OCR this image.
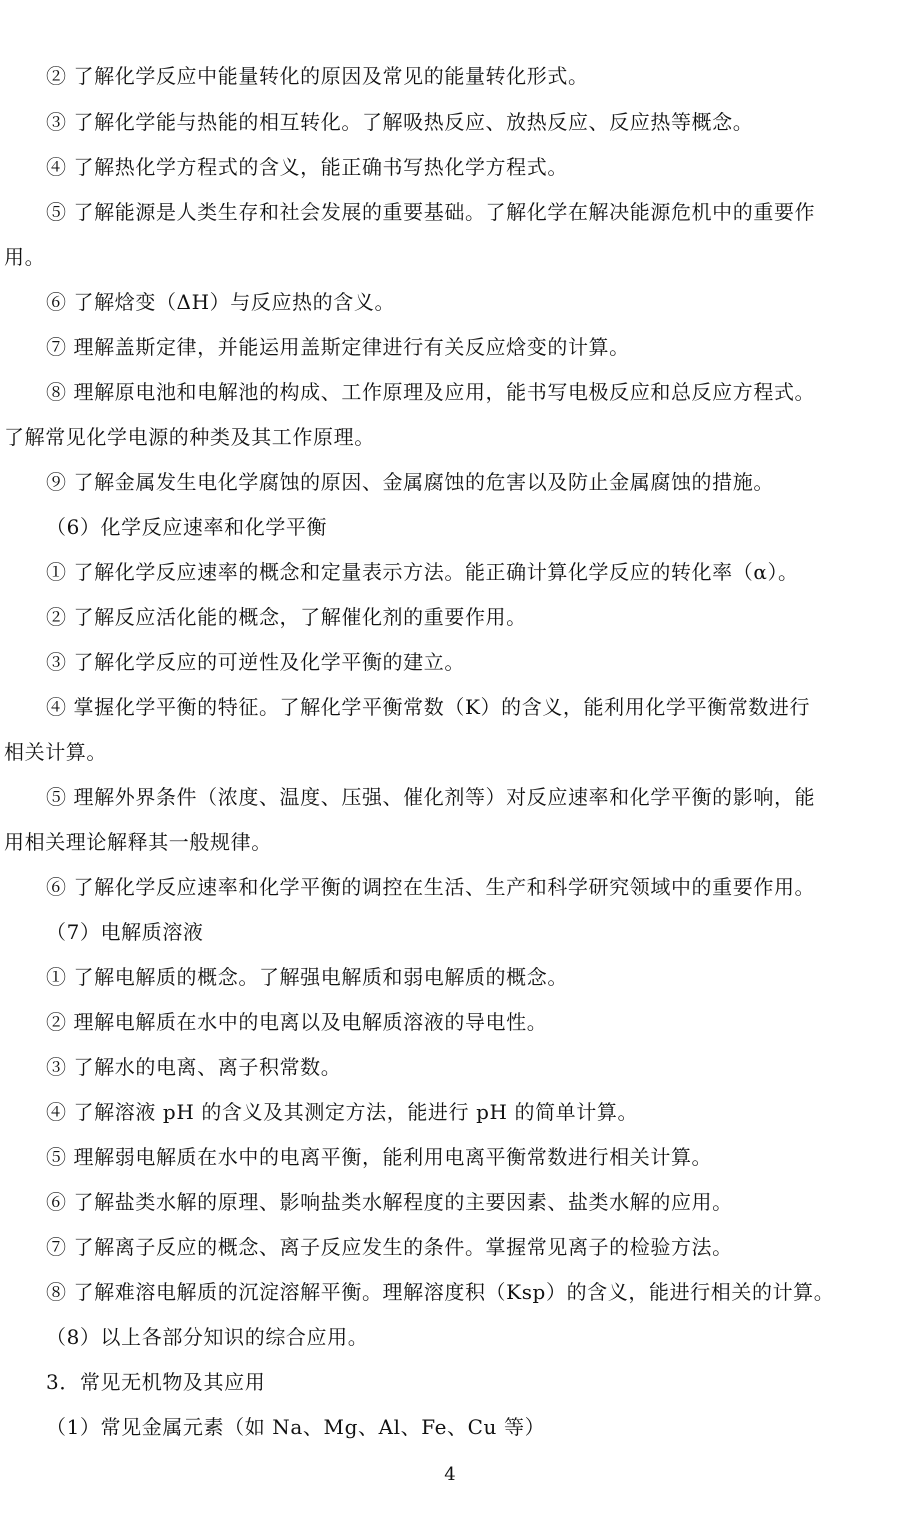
② 了解化学反应中能量转化的原因及常见的能量转化形式。
③ 了解化学能与热能的相互转化。了解吸热反应、放热反应、反应热等概念。
④ 了解热化学方程式的含义，能正确书写热化学方程式。
⑤ 了解能源是人类生存和社会发展的重要基础。了解化学在解决能源危机中的重要作
用。
⑥ 了解焓变（ΔH）与反应热的含义。
⑦ 理解盖斯定律，并能运用盖斯定律进行有关反应焓变的计算。
⑧ 理解原电池和电解池的构成、工作原理及应用，能书写电极反应和总反应方程式。
了解常见化学电源的种类及其工作原理。
⑨ 了解金属发生电化学腐蚀的原因、金属腐蚀的危害以及防止金属腐蚀的措施。
（6）化学反应速率和化学平衡
① 了解化学反应速率的概念和定量表示方法。能正确计算化学反应的转化率（α）。
② 了解反应活化能的概念，了解催化剂的重要作用。
③ 了解化学反应的可逆性及化学平衡的建立。
④ 掌握化学平衡的特征。了解化学平衡常数（K）的含义，能利用化学平衡常数进行
相关计算。
⑤ 理解外界条件（浓度、温度、压强、催化剂等）对反应速率和化学平衡的影响，能
用相关理论解释其一般规律。
⑥ 了解化学反应速率和化学平衡的调控在生活、生产和科学研究领域中的重要作用。
（7）电解质溶液
① 了解电解质的概念。了解强电解质和弱电解质的概念。
② 理解电解质在水中的电离以及电解质溶液的导电性。
③ 了解水的电离、离子积常数。
④ 了解溶液 pH 的含义及其测定方法，能进行 pH 的简单计算。
⑤ 理解弱电解质在水中的电离平衡，能利用电离平衡常数进行相关计算。
⑥ 了解盐类水解的原理、影响盐类水解程度的主要因素、盐类水解的应用。
⑦ 了解离子反应的概念、离子反应发生的条件。掌握常见离子的检验方法。
⑧ 了解难溶电解质的沉淀溶解平衡。理解溶度积（Ksp）的含义，能进行相关的计算。
（8）以上各部分知识的综合应用。
3．常见无机物及其应用
（1）常见金属元素（如 Na、Mg、Al、Fe、Cu 等）
4
